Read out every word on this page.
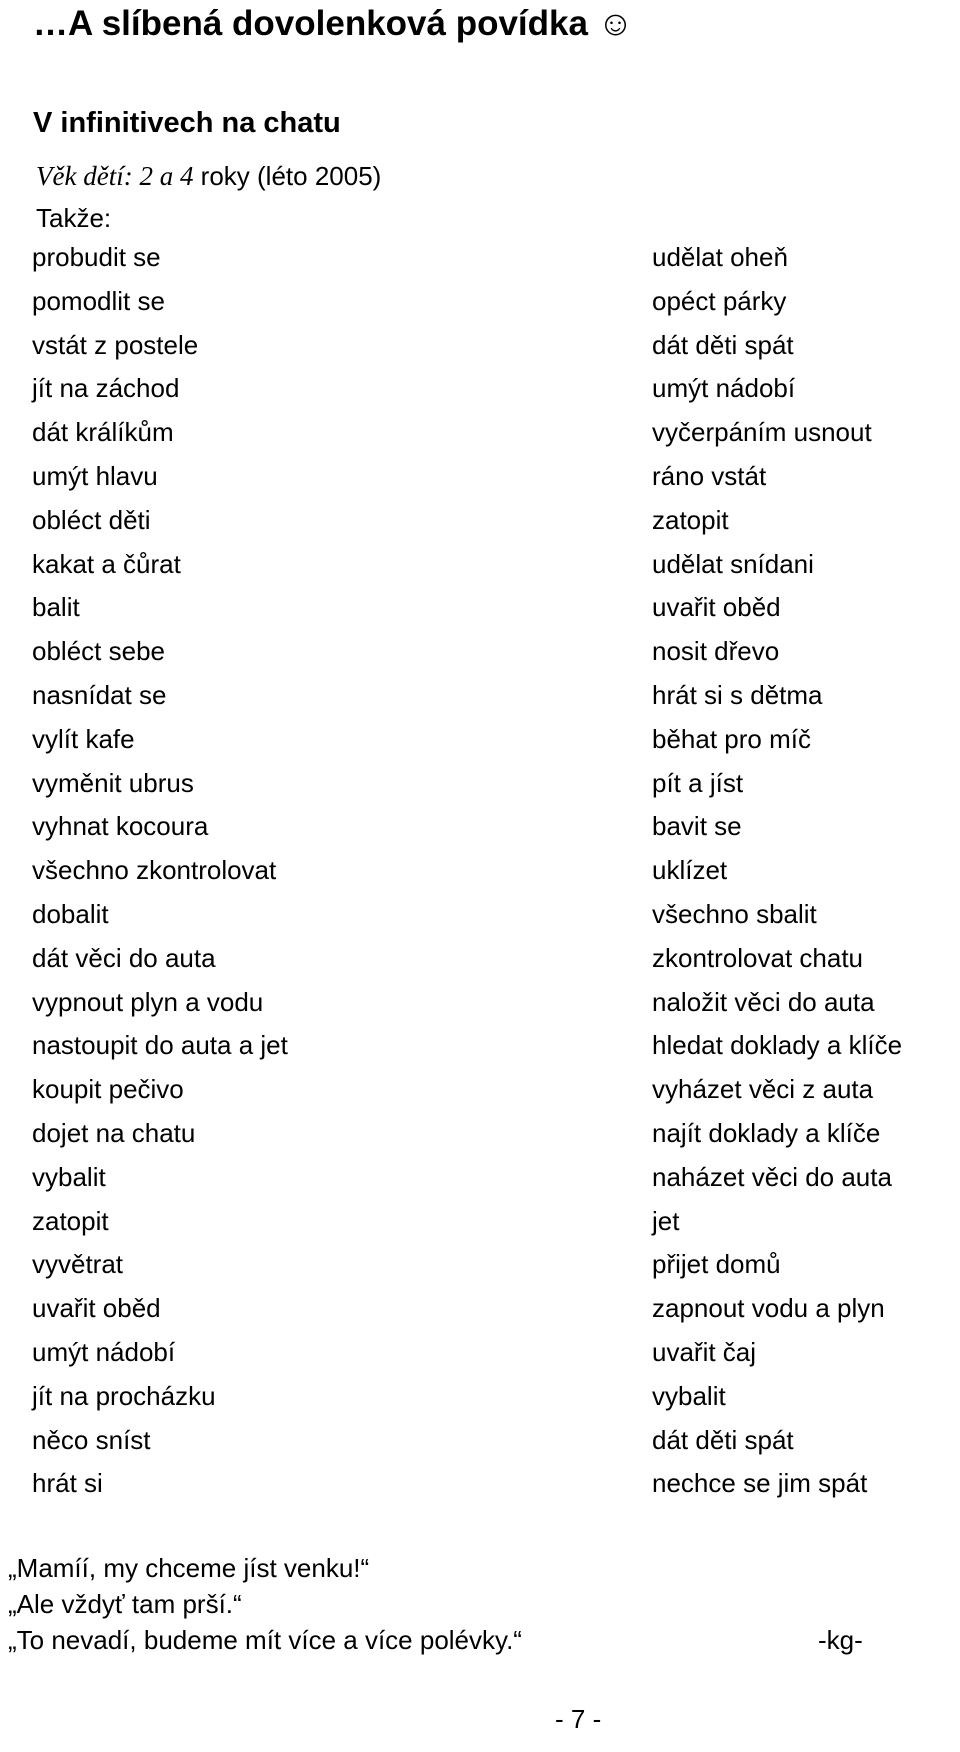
…A slíbená dovolenková povídka ☺
V infinitivech na chatu
Věk dětí: 2 a 4 roky (léto 2005)
Takže:
probudit se
pomodlit se
vstát z postele
jít na záchod
dát králíkům
umýt hlavu
obléct děti
kakat a čůrat
balit
obléct sebe
nasnídat se
vylít kafe
vyměnit ubrus
vyhnat kocoura
všechno zkontrolovat
dobalit
dát věci do auta
vypnout plyn a vodu
nastoupit do auta a jet
koupit pečivo
dojet na chatu
vybalit
zatopit
vyvětrat
uvařit oběd
umýt nádobí
jít na procházku
něco sníst
hrát si
udělat oheň
opéct párky
dát děti spát
umýt nádobí
vyčerpáním usnout
ráno vstát
zatopit
udělat snídani
uvařit oběd
nosit dřevo
hrát si s dětma
běhat pro míč
pít a jíst
bavit se
uklízet
všechno sbalit
zkontrolovat chatu
naložit věci do auta
hledat doklady a klíče
vyházet věci z auta
najít doklady a klíče
naházet věci do auta
jet
přijet domů
zapnout vodu a plyn
uvařit čaj
vybalit
dát děti spát
nechce se jim spát
„Mamíí, my chceme jíst venku!“
„Ale vždyť tam prší.“
„To nevadí, budeme mít více a více polévky.“	-kg-
- 7 -
